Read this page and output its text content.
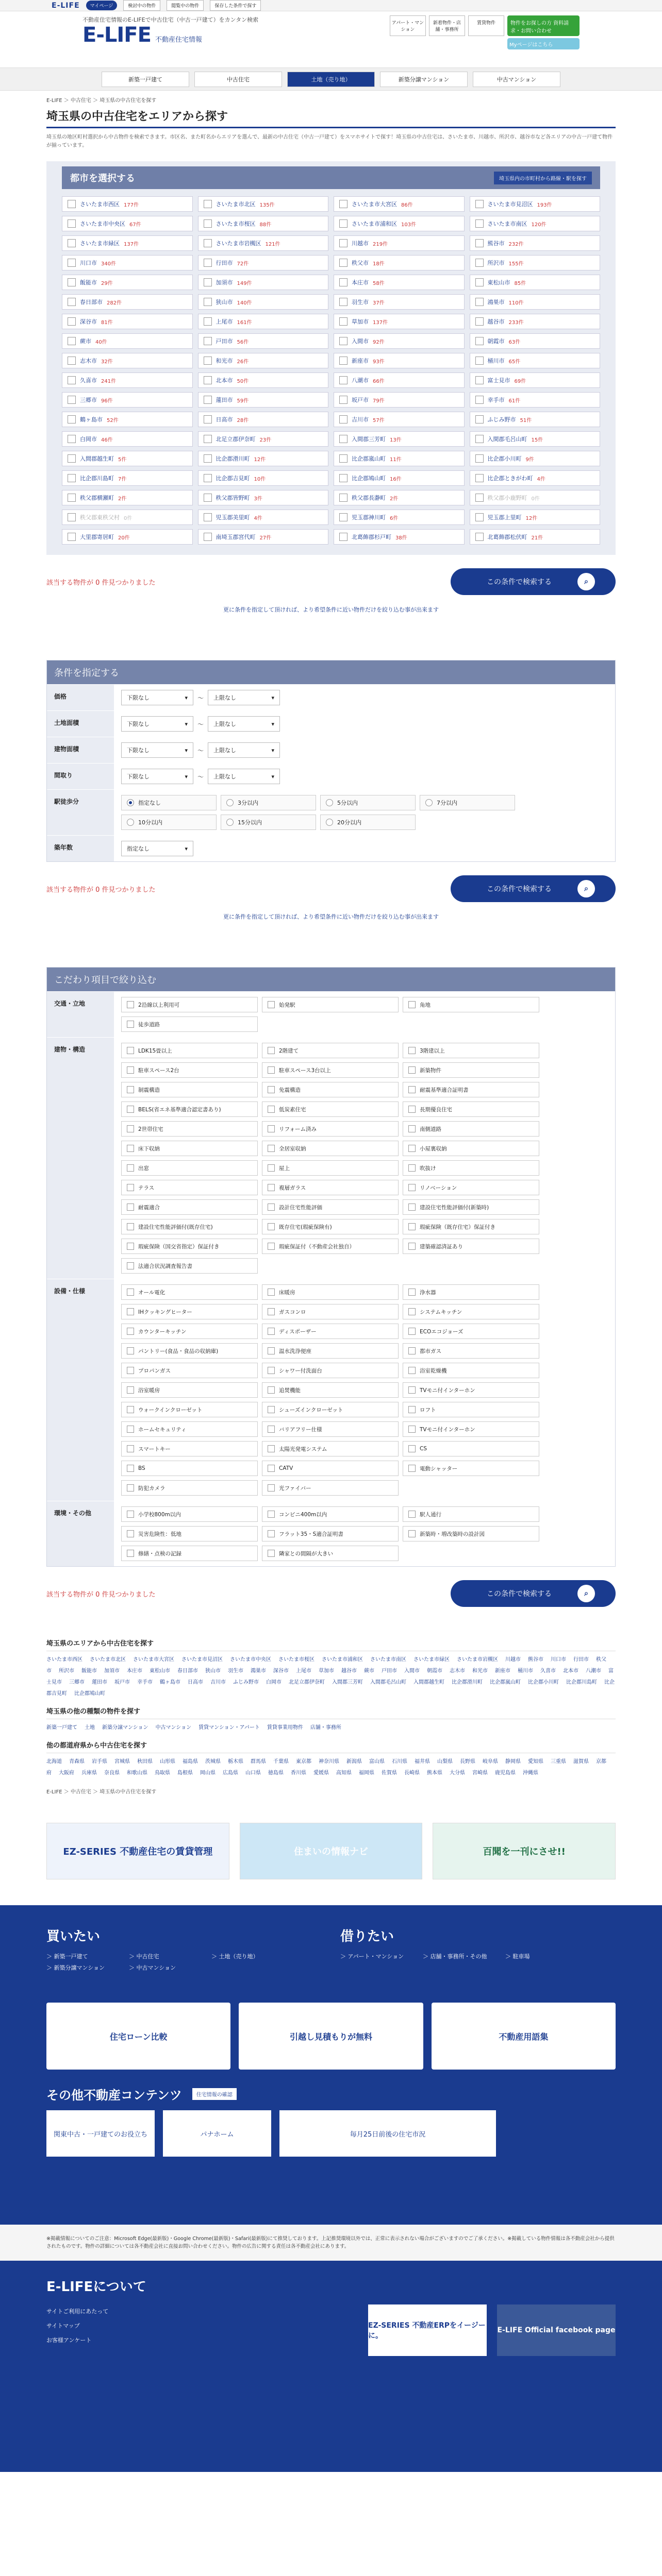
E-LIFE	マイページ	検討中の物件	閲覧中の物件	保存した条件で探す
不動産住宅情報のE-LIFEで中古住宅（中古一戸建て）をカンタン検索
E-LIFE 不動産住宅情報
アパート・マンション
新着物件・店舗・事務所
賃貸物件	物件をお探しの方 資料請求・お問い合わせ
Myページはこちら
新築一戸建て	中古住宅	土地（売り地）	新築分譲マンション	中古マンション
E-LIFE ＞ 中古住宅 ＞ 埼玉県の中古住宅を探す
埼玉県の中古住宅をエリアから探す

埼玉県の地区町村選択から中古物件を検索できます。市区名、また町名からエリアを選んで、最新の中古住宅（中古一戸建て）をスマホサイトで探す！埼玉県の中古住宅は、さいたま市、川越市、所沢市、越谷市など各エリアの中古一戸建て物件が揃っています。

都市を選択する	埼玉県内の市町村から路線・駅を探す
さいたま市西区 177件	さいたま市北区 135件	さいたま市大宮区 86件	さいたま市見沼区 193件
さいたま市中央区 67件	さいたま市桜区 88件	さいたま市浦和区 103件	さいたま市南区 120件
さいたま市緑区 137件	さいたま市岩槻区 121件	川越市 219件	熊谷市 232件
川口市 340件	行田市 72件	秩父市 18件	所沢市 155件
飯能市 29件	加須市 149件	本庄市 58件	東松山市 85件
春日部市 282件	狭山市 140件	羽生市 37件	鴻巣市 110件
深谷市 81件	上尾市 161件	草加市 137件	越谷市 233件
蕨市 40件	戸田市 56件	入間市 92件	朝霞市 63件
志木市 32件	和光市 26件	新座市 93件	桶川市 65件
久喜市 241件	北本市 50件	八潮市 66件	富士見市 69件
三郷市 96件	蓮田市 59件	坂戸市 79件	幸手市 61件
鶴ヶ島市 52件	日高市 28件	吉川市 57件	ふじみ野市 51件
白岡市 46件	北足立郡伊奈町 23件	入間郡三芳町 13件	入間郡毛呂山町 15件
入間郡越生町 5件	比企郡滑川町 12件	比企郡嵐山町 11件	比企郡小川町 9件
比企郡川島町 7件	比企郡吉見町 10件	比企郡鳩山町 16件	比企郡ときがわ町 4件
秩父郡横瀬町 2件	秩父郡皆野町 3件	秩父郡長瀞町 2件	秩父郡小鹿野町 0件
秩父郡東秩父村 0件	児玉郡美里町 4件	児玉郡神川町 6件	児玉郡上里町 12件
大里郡寄居町 20件	南埼玉郡宮代町 27件	北葛飾郡杉戸町 38件	北葛飾郡松伏町 21件
該当する物件が 0 件見つかりました	この条件で検索する	⌕
更に条件を指定して頂ければ、より希望条件に近い物件だけを絞り込む事が出来ます
条件を指定する
価格	下限なし	▾ 〜 上限なし	▾
土地面積	下限なし	▾ 〜 上限なし	▾
建物面積	下限なし	▾ 〜 上限なし	▾
間取り	下限なし	▾ 〜 上限なし	▾
駅徒歩分	指定なし	3分以内	5分以内	7分以内
10分以内	15分以内	20分以内
築年数	指定なし	▾
該当する物件が 0 件見つかりました	この条件で検索する	⌕
更に条件を指定して頂ければ、より希望条件に近い物件だけを絞り込む事が出来ます
こだわり項目で絞り込む
交通・立地	2沿線以上利用可	始発駅	角地
徒歩道路
建物・構造	LDK15畳以上	2階建て	3階建以上
駐車スペース2台	駐車スペース3台以上	新築物件
制震構造	免震構造	耐震基準適合証明書
BELS(省エネ基準適合認定書あり)	低炭素住宅	長期優良住宅
2世帯住宅	リフォーム済み	南側道路
床下収納	全居室収納	小屋裏収納
出窓	屋上	吹抜け
テラス	複層ガラス	リノベーション
耐震適合	設計住宅性能評価	建設住宅性能評価付(新築時)
建設住宅性能評価付(既存住宅)	既存住宅(瑕疵保険有)	瑕疵保険（既存住宅）保証付き
瑕疵保険（国交省指定）保証付き	瑕疵保証付（不動産会社独自）	建築確認済証あり
法適合状況調査報告書
設備・仕様	オール電化	床暖房	浄水器
IHクッキングヒーター	ガスコンロ	システムキッチン
カウンターキッチン	ディスポーザー	ECOエコジョーズ
パントリー(食品・食品の収納庫)	温水洗浄便座	都市ガス
プロパンガス	シャワー付洗面台	浴室乾燥機
浴室暖房	追焚機能	TVモニ付インターホン
ウォークインクローゼット	シューズインクローゼット	ロフト
ホームセキュリティ	バリアフリー仕様	TVモニ付インターホン
スマートキー	太陽光発電システム	CS
BS	CATV	電動シャッター
防犯カメラ	光ファイバー
環境・その他	小学校800m以内	コンビニ400m以内	駅人通行
災害危険性：低地	フラット35・S適合証明書	新築時・増改築時の設計図
修繕・点検の記録	隣家との間隔が大きい
該当する物件が 0 件見つかりました	この条件で検索する	⌕
埼玉県のエリアから中古住宅を探す
さいたま市西区 さいたま市北区 さいたま市大宮区 さいたま市見沼区 さいたま市中央区 さいたま市桜区 さいたま市浦和区 さいたま市南区 さいたま市緑区 さいたま市岩槻区 川越市 熊谷市 川口市 行田市 秩父市 所沢市 飯能市 加須市 本庄市 東松山市 春日部市 狭山市 羽生市 鴻巣市 深谷市 上尾市 草加市 越谷市 蕨市 戸田市 入間市 朝霞市 志木市 和光市 新座市 桶川市 久喜市 北本市 八潮市 富士見市 三郷市 蓮田市 坂戸市 幸手市 鶴ヶ島市 日高市 吉川市 ふじみ野市 白岡市 北足立郡伊奈町 入間郡三芳町 入間郡毛呂山町 入間郡越生町 比企郡滑川町 比企郡嵐山町 比企郡小川町 比企郡川島町 比企郡吉見町 比企郡鳩山町
埼玉県の他の種類の物件を探す
新築一戸建て 土地 新築分譲マンション 中古マンション 賃貸マンション・アパート 賃貸事業用物件 店舗・事務所
他の都道府県から中古住宅を探す
北海道 青森県 岩手県 宮城県 秋田県 山形県 福島県 茨城県 栃木県 群馬県 千葉県 東京都 神奈川県 新潟県 富山県 石川県 福井県 山梨県 長野県 岐阜県 静岡県 愛知県 三重県 滋賀県 京都府 大阪府 兵庫県 奈良県 和歌山県 鳥取県 島根県 岡山県 広島県 山口県 徳島県 香川県 愛媛県 高知県 福岡県 佐賀県 長崎県 熊本県 大分県 宮崎県 鹿児島県 沖縄県
E-LIFE ＞ 中古住宅 ＞ 埼玉県の中古住宅を探す
EZ-SERIES 不動産住宅の賃貸管理	住まいの情報ナビ	百聞を一刊にさせ!!
買いたい
＞ 新築一戸建て	＞ 中古住宅	＞ 土地（売り地）
＞ 新築分譲マンション	＞ 中古マンション
借りたい
＞ アパート・マンション	＞ 店舗・事務所・その他	＞ 駐車場
住宅ローン比較	引越し見積もりが無料	不動産用語集
その他不動産コンテンツ	住宅情報の確認
関東中古・一戸建てのお役立ち	パナホーム	毎月25日前後の住宅市況
※掲載情報についてのご注意：Microsoft Edge(最新版)・Google Chrome(最新版)・Safari(最新版)にて推奨しております。上記推奨環境以外では、正常に表示されない場合がございますのでご了承ください。※掲載している物件情報は各不動産会社から提供されたものです。物件の詳細については各不動産会社に直接お問い合わせください。物件の広告に関する責任は各不動産会社にあります。
E-LIFEについて
サイトご利用にあたって
サイトマップ
お客様アンケート
EZ-SERIES 不動産ERPをイージーに。
E-LIFE Official facebook page
